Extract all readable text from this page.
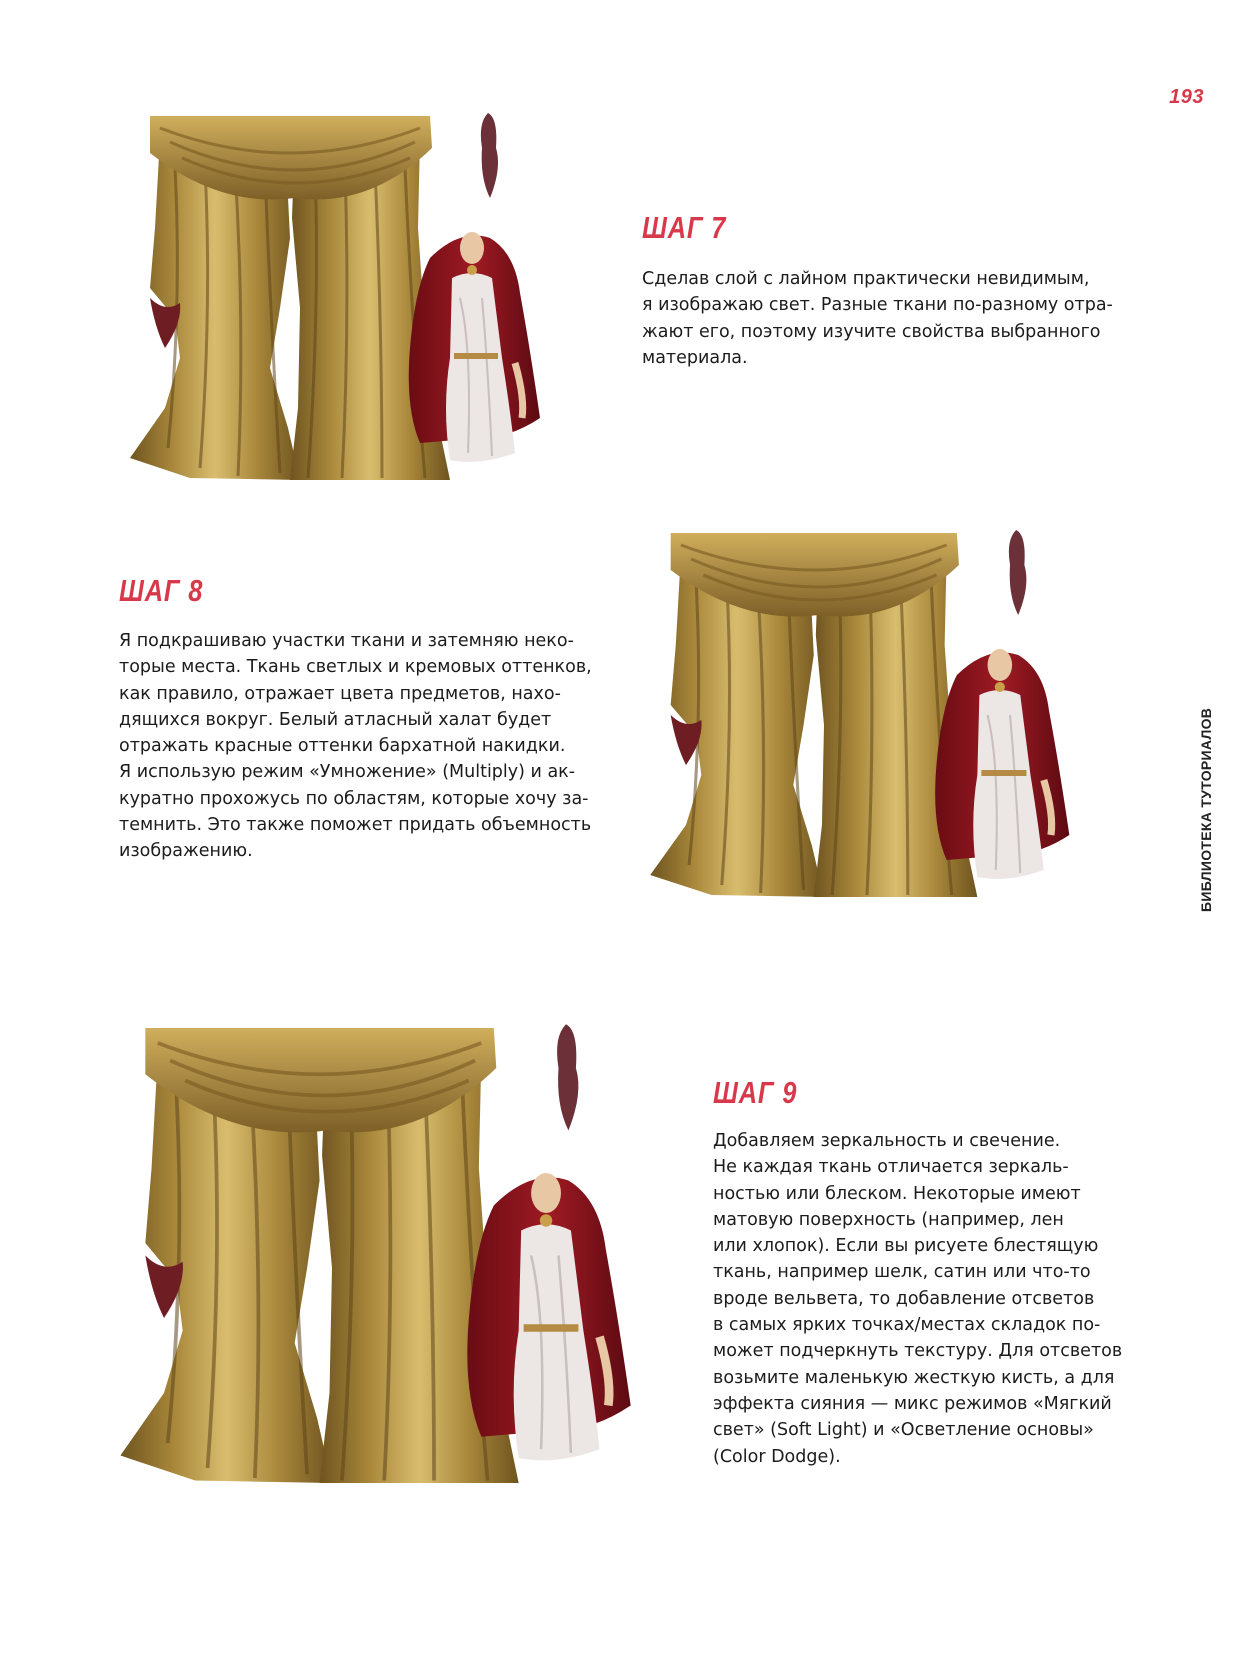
193
БИБЛИОТЕКА ТУТОРИАЛОВ
ШАГ 7
Сделав слой с лайном практически невидимым,
я изображаю свет. Разные ткани по-разному отра-
жают его, поэтому изучите свойства выбранного
материала.
ШАГ 8
Я подкрашиваю участки ткани и затемняю неко-
торые места. Ткань светлых и кремовых оттенков,
как правило, отражает цвета предметов, нахо-
дящихся вокруг. Белый атласный халат будет
отражать красные оттенки бархатной накидки.
Я использую режим «Умножение» (Multiply) и ак-
куратно прохожусь по областям, которые хочу за-
темнить. Это также поможет придать объемность
изображению.
ШАГ 9
Добавляем зеркальность и свечение.
Не каждая ткань отличается зеркаль-
ностью или блеском. Некоторые имеют
матовую поверхность (например, лен
или хлопок). Если вы рисуете блестящую
ткань, например шелк, сатин или что-то
вроде вельвета, то добавление отсветов
в самых ярких точках/местах складок по-
может подчеркнуть текстуру. Для отсветов
возьмите маленькую жесткую кисть, а для
эффекта сияния — микс режимов «Мягкий
свет» (Soft Light) и «Осветление основы»
(Color Dodge).
